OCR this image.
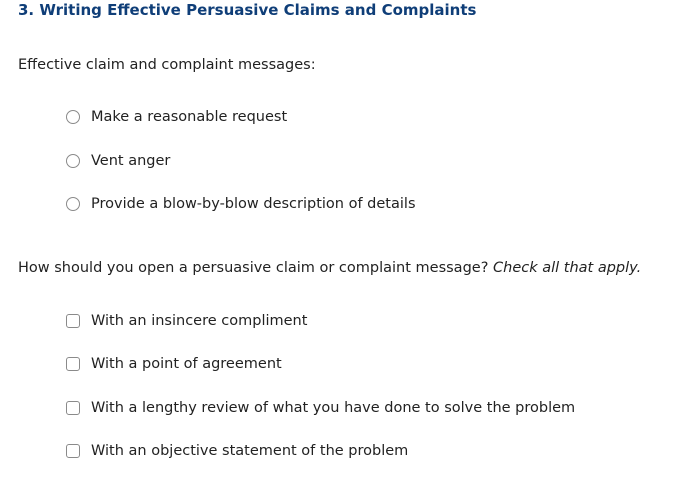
3. Writing Effective Persuasive Claims and Complaints
Effective claim and complaint messages:
Make a reasonable request
Vent anger
Provide a blow-by-blow description of details
How should you open a persuasive claim or complaint message? Check all that apply.
With an insincere compliment
With a point of agreement
With a lengthy review of what you have done to solve the problem
With an objective statement of the problem
